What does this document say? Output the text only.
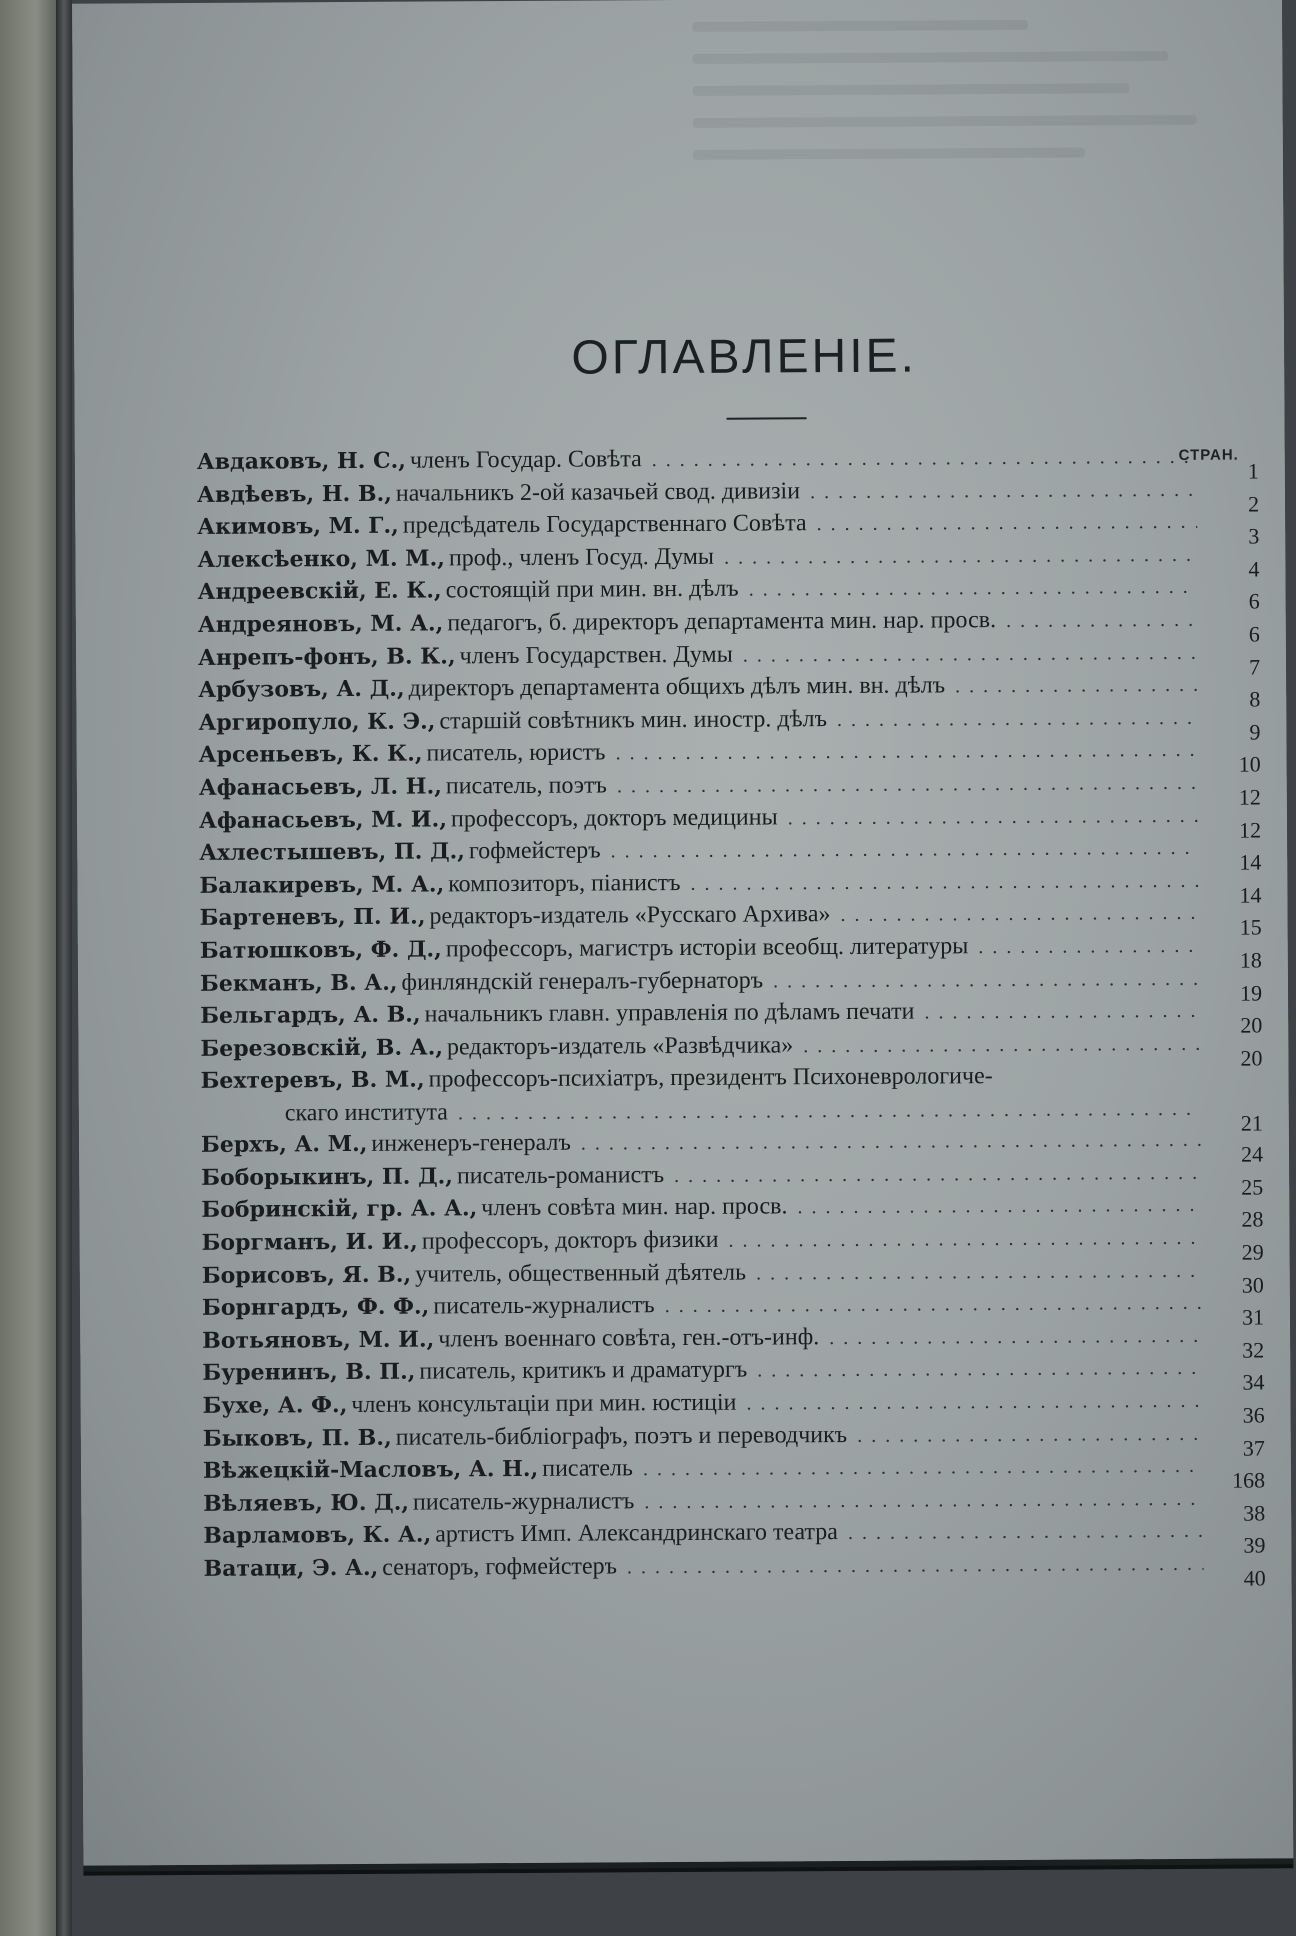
ОГЛАВЛЕНІЕ.
СТРАН.
Авдаковъ, Н. С., членъ Государ. Совѣта . . .	1
Авдѣевъ, Н. В., начальникъ 2-ой казачьей свод. дивизіи . . .	2
Акимовъ, М. Г., предсѣдатель Государственнаго Совѣта . . .	3
Алексѣенко, М. М., проф., членъ Госуд. Думы . . .	4
Андреевскій, Е. К., состоящій при мин. вн. дѣлъ . . .	6
Андреяновъ, М. А., педагогъ, б. директоръ департамента мин. нар. просв.
. . .	6
Анрепъ-фонъ, В. К., членъ Государствен. Думы . . .	7
Арбузовъ, А. Д., директоръ департамента общихъ дѣлъ мин. вн. дѣлъ
. . .	8
Аргиропуло, К. Э., старшій совѣтникъ мин. иностр. дѣлъ
. . .	9
Арсеньевъ, К. К., писатель, юристъ . . .	10
Афанасьевъ, Л. Н., писатель, поэтъ . . .	12
Афанасьевъ, М. И., профессоръ, докторъ медицины . . .	12
Ахлестышевъ, П. Д., гофмейстеръ . . .	14
Балакиревъ, М. А., композиторъ, піанистъ . . .	14
Бартеневъ, П. И., редакторъ-издатель «Русскаго Архива»
. . .	15
Батюшковъ, Ф. Д., профессоръ, магистръ исторіи всеобщ. литературы
. . .	18
Бекманъ, В. А., финляндскій генералъ-губернаторъ . . .	19
Бельгардъ, А. В., начальникъ главн. управленія по дѣламъ печати
. . .	20
Березовскій, В. А., редакторъ-издатель «Развѣдчика» . . .	20
Бехтеревъ, В. М., профессоръ-психіатръ, президентъ Психоневрологиче-
скаго института . . .	21
Берхъ, А. М., инженеръ-генералъ . . .	24
Боборыкинъ, П. Д., писатель-романистъ . . .	25
Бобринскій, гр. А. А., членъ совѣта мин. нар. просв. . . .	28
Боргманъ, И. И., профессоръ, докторъ физики . . .	29
Борисовъ, Я. В., учитель, общественный дѣятель . . .	30
Борнгардъ, Ф. Ф., писатель-журналистъ . . .	31
Вотьяновъ, М. И., членъ военнаго совѣта, ген.-отъ-инф.
. . .	32
Буренинъ, В. П., писатель, критикъ и драматургъ . . .	34
Бухе, А. Ф., членъ консультаціи при мин. юстиціи . . .	36
Быковъ, П. В., писатель-библіографъ, поэтъ и переводчикъ
. . .	37
Вѣжецкій-Масловъ, А. Н., писатель . . .	168
Вѣляевъ, Ю. Д., писатель-журналистъ . . .	38
Варламовъ, К. А., артистъ Имп. Александринскаго театра
. . .	39
Ватаци, Э. А., сенаторъ, гофмейстеръ . . .	40
